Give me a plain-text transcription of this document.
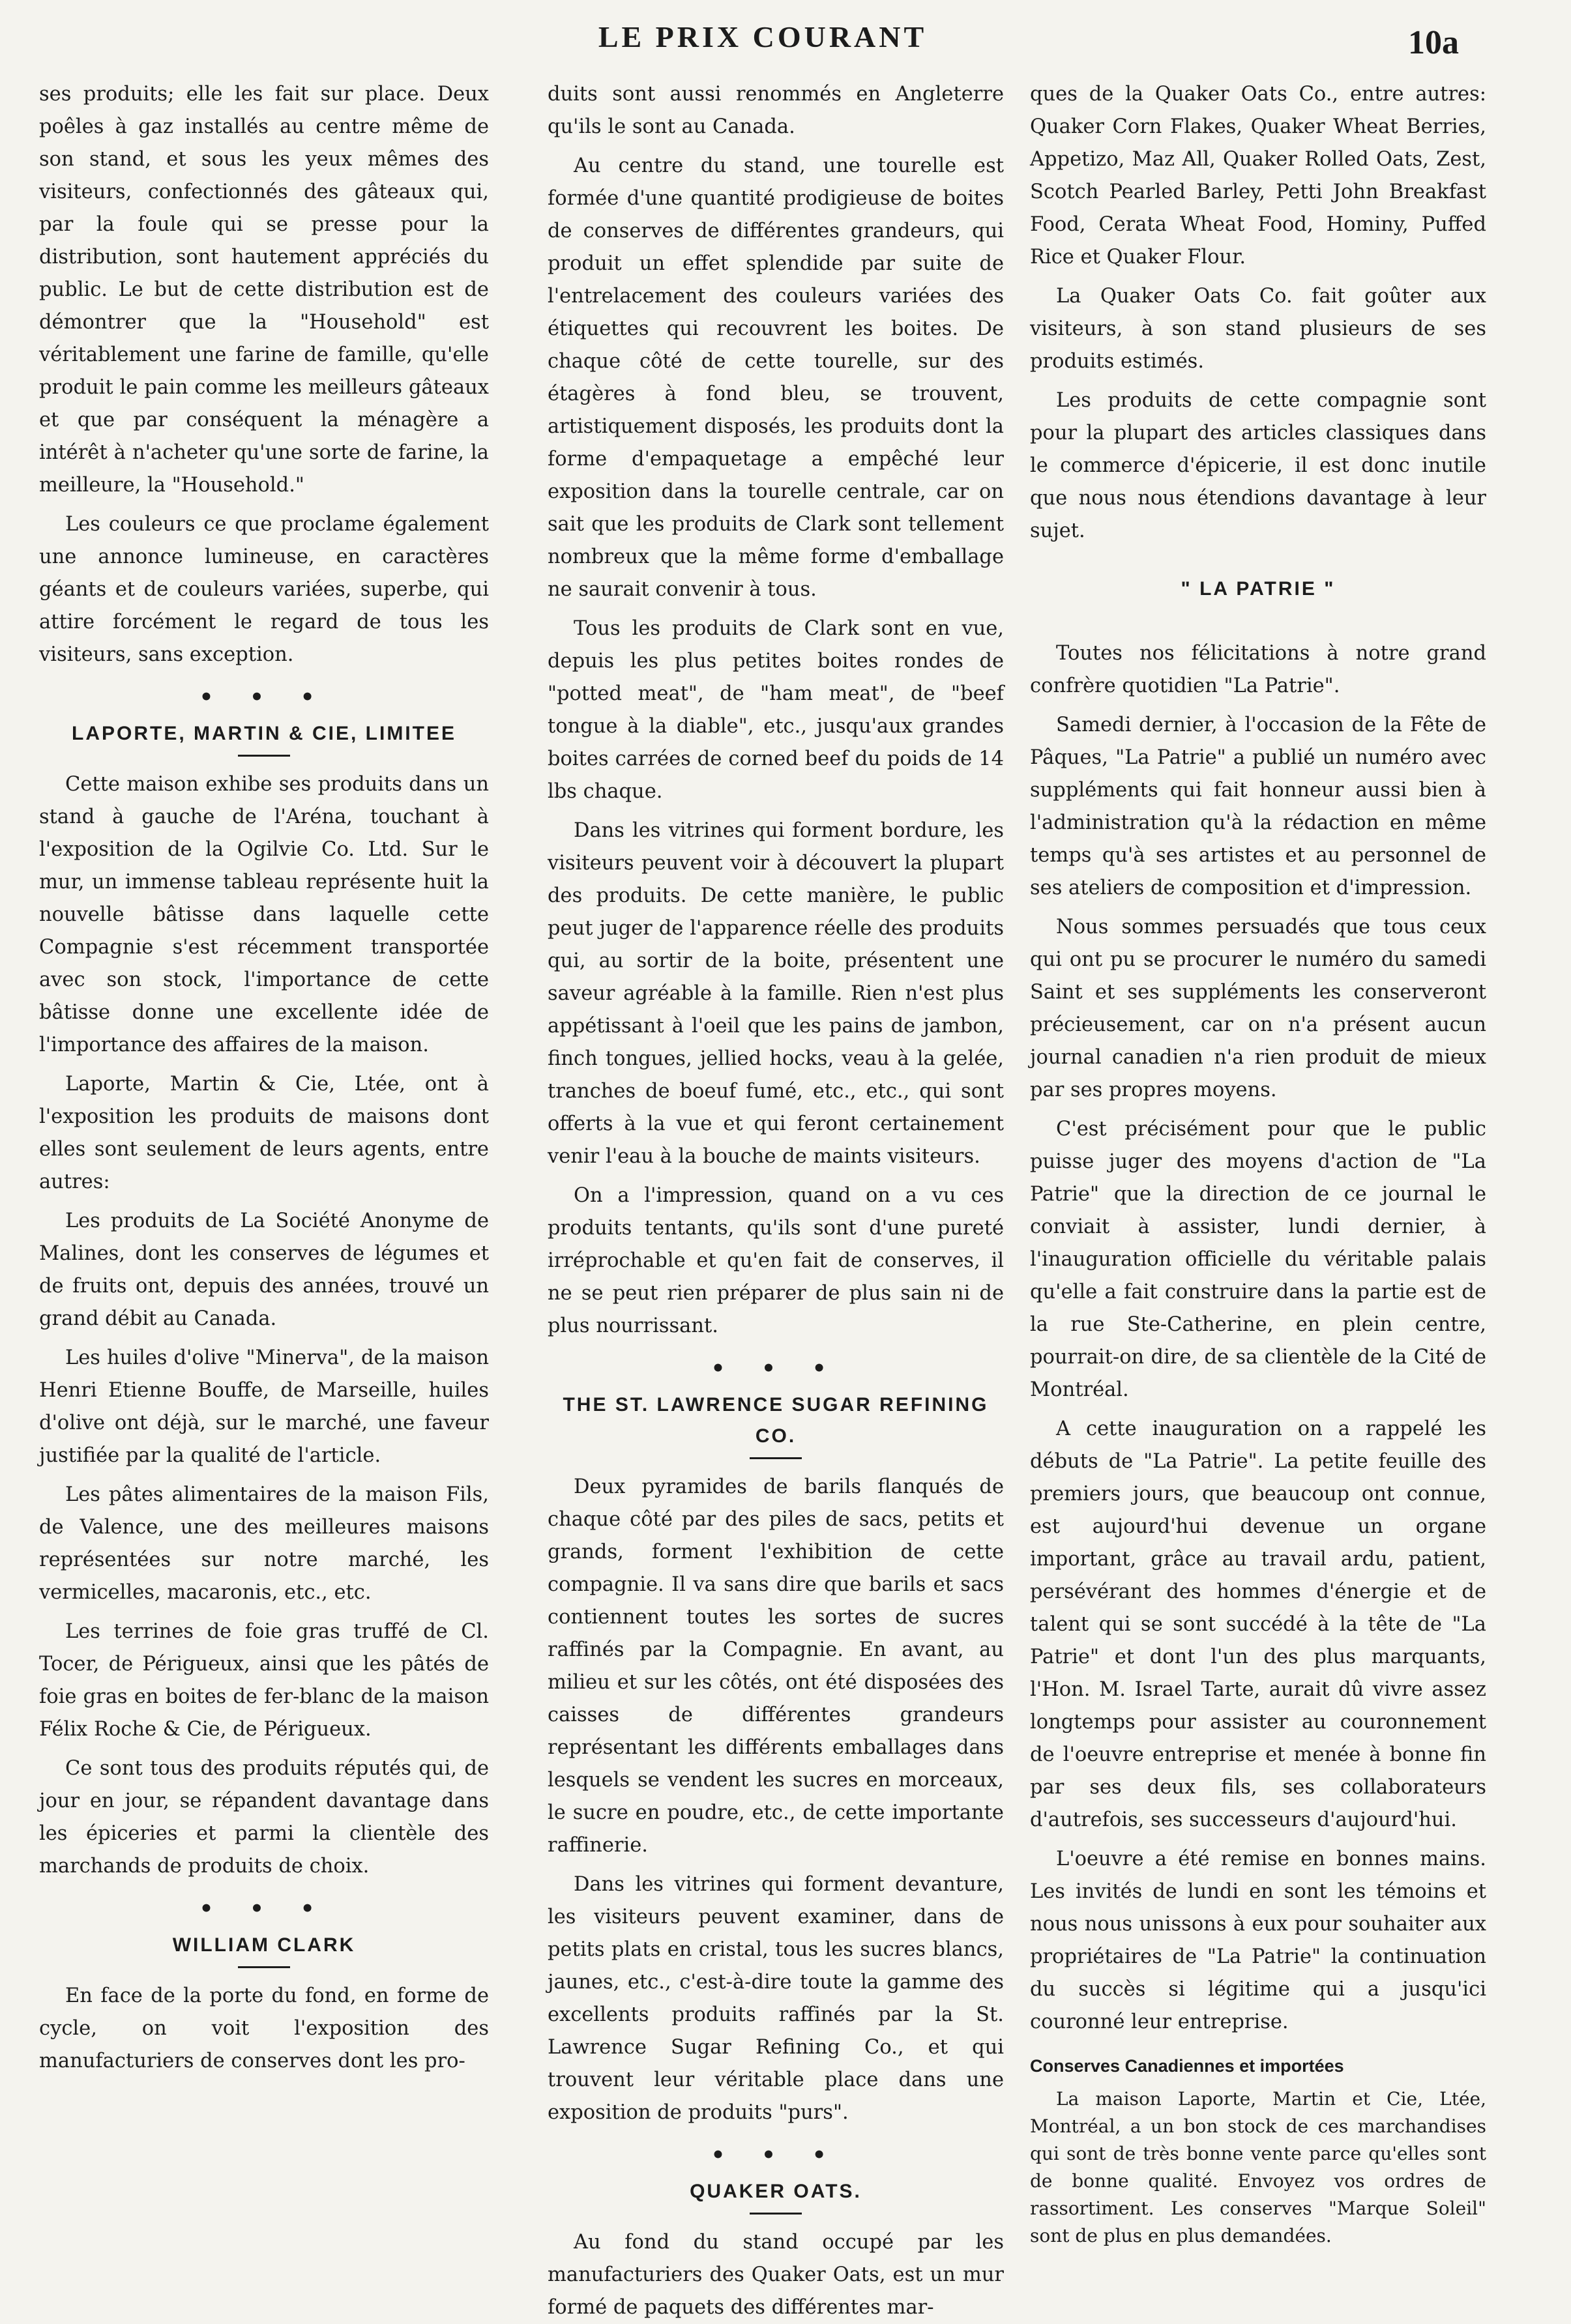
LE PRIX COURANT	10a

ses produits; elle les fait sur place. Deux poêles à gaz installés au centre même de son stand, et sous les yeux mêmes des visiteurs, confectionnés des gâteaux qui, par la foule qui se presse pour la distribution, sont hautement appréciés du public. Le but de cette distribution est de démontrer que la "Household" est véritablement une farine de famille, qu'elle produit le pain comme les meilleurs gâteaux et que par conséquent la ménagère a intérêt à n'acheter qu'une sorte de farine, la meilleure, la "Household."

Les couleurs ce que proclame également une annonce lumineuse, en caractères géants et de couleurs variées, superbe, qui attire forcément le regard de tous les visiteurs, sans exception.

• • •
LAPORTE, MARTIN & CIE, LIMITEE

Cette maison exhibe ses produits dans un stand à gauche de l'Aréna, touchant à l'exposition de la Ogilvie Co. Ltd. Sur le mur, un immense tableau représente huit la nouvelle bâtisse dans laquelle cette Compagnie s'est récemment transportée avec son stock, l'importance de cette bâtisse donne une excellente idée de l'importance des affaires de la maison.

Laporte, Martin & Cie, Ltée, ont à l'exposition les produits de maisons dont elles sont seulement de leurs agents, entre autres:

Les produits de La Société Anonyme de Malines, dont les conserves de légumes et de fruits ont, depuis des années, trouvé un grand débit au Canada.

Les huiles d'olive "Minerva", de la maison Henri Etienne Bouffe, de Marseille, huiles d'olive ont déjà, sur le marché, une faveur justifiée par la qualité de l'article.

Les pâtes alimentaires de la maison Fils, de Valence, une des meilleures maisons représentées sur notre marché, les vermicelles, macaronis, etc., etc.

Les terrines de foie gras truffé de Cl. Tocer, de Périgueux, ainsi que les pâtés de foie gras en boites de fer-blanc de la maison Félix Roche & Cie, de Périgueux.

Ce sont tous des produits réputés qui, de jour en jour, se répandent davantage dans les épiceries et parmi la clientèle des marchands de produits de choix.

• • •
WILLIAM CLARK

En face de la porte du fond, en forme de cycle, on voit l'exposition des manufacturiers de conserves dont les pro-

duits sont aussi renommés en Angleterre qu'ils le sont au Canada.

Au centre du stand, une tourelle est formée d'une quantité prodigieuse de boites de conserves de différentes grandeurs, qui produit un effet splendide par suite de l'entrelacement des couleurs variées des étiquettes qui recouvrent les boites. De chaque côté de cette tourelle, sur des étagères à fond bleu, se trouvent, artistiquement disposés, les produits dont la forme d'empaquetage a empêché leur exposition dans la tourelle centrale, car on sait que les produits de Clark sont tellement nombreux que la même forme d'emballage ne saurait convenir à tous.

Tous les produits de Clark sont en vue, depuis les plus petites boites rondes de "potted meat", de "ham meat", de "beef tongue à la diable", etc., jusqu'aux grandes boites carrées de corned beef du poids de 14 lbs chaque.

Dans les vitrines qui forment bordure, les visiteurs peuvent voir à découvert la plupart des produits. De cette manière, le public peut juger de l'apparence réelle des produits qui, au sortir de la boite, présentent une saveur agréable à la famille. Rien n'est plus appétissant à l'oeil que les pains de jambon, finch tongues, jellied hocks, veau à la gelée, tranches de boeuf fumé, etc., etc., qui sont offerts à la vue et qui feront certainement venir l'eau à la bouche de maints visiteurs.

On a l'impression, quand on a vu ces produits tentants, qu'ils sont d'une pureté irréprochable et qu'en fait de conserves, il ne se peut rien préparer de plus sain ni de plus nourrissant.

• • •
THE ST. LAWRENCE SUGAR REFINING CO.

Deux pyramides de barils flanqués de chaque côté par des piles de sacs, petits et grands, forment l'exhibition de cette compagnie. Il va sans dire que barils et sacs contiennent toutes les sortes de sucres raffinés par la Compagnie. En avant, au milieu et sur les côtés, ont été disposées des caisses de différentes grandeurs représentant les différents emballages dans lesquels se vendent les sucres en morceaux, le sucre en poudre, etc., de cette importante raffinerie.

Dans les vitrines qui forment devanture, les visiteurs peuvent examiner, dans de petits plats en cristal, tous les sucres blancs, jaunes, etc., c'est-à-dire toute la gamme des excellents produits raffinés par la St. Lawrence Sugar Refining Co., et qui trouvent leur véritable place dans une exposition de produits "purs".

• • •
QUAKER OATS.

Au fond du stand occupé par les manufacturiers des Quaker Oats, est un mur formé de paquets des différentes mar-

ques de la Quaker Oats Co., entre autres: Quaker Corn Flakes, Quaker Wheat Berries, Appetizo, Maz All, Quaker Rolled Oats, Zest, Scotch Pearled Barley, Petti John Breakfast Food, Cerata Wheat Food, Hominy, Puffed Rice et Quaker Flour.

La Quaker Oats Co. fait goûter aux visiteurs, à son stand plusieurs de ses produits estimés.

Les produits de cette compagnie sont pour la plupart des articles classiques dans le commerce d'épicerie, il est donc inutile que nous nous étendions davantage à leur sujet.

" LA PATRIE "

Toutes nos félicitations à notre grand confrère quotidien "La Patrie".

Samedi dernier, à l'occasion de la Fête de Pâques, "La Patrie" a publié un numéro avec suppléments qui fait honneur aussi bien à l'administration qu'à la rédaction en même temps qu'à ses artistes et au personnel de ses ateliers de composition et d'impression.

Nous sommes persuadés que tous ceux qui ont pu se procurer le numéro du samedi Saint et ses suppléments les conserveront précieusement, car on n'a présent aucun journal canadien n'a rien produit de mieux par ses propres moyens.

C'est précisément pour que le public puisse juger des moyens d'action de "La Patrie" que la direction de ce journal le conviait à assister, lundi dernier, à l'inauguration officielle du véritable palais qu'elle a fait construire dans la partie est de la rue Ste-Catherine, en plein centre, pourrait-on dire, de sa clientèle de la Cité de Montréal.

A cette inauguration on a rappelé les débuts de "La Patrie". La petite feuille des premiers jours, que beaucoup ont connue, est aujourd'hui devenue un organe important, grâce au travail ardu, patient, persévérant des hommes d'énergie et de talent qui se sont succédé à la tête de "La Patrie" et dont l'un des plus marquants, l'Hon. M. Israel Tarte, aurait dû vivre assez longtemps pour assister au couronnement de l'oeuvre entreprise et menée à bonne fin par ses deux fils, ses collaborateurs d'autrefois, ses successeurs d'aujourd'hui.

L'oeuvre a été remise en bonnes mains. Les invités de lundi en sont les témoins et nous nous unissons à eux pour souhaiter aux propriétaires de "La Patrie" la continuation du succès si légitime qui a jusqu'ici couronné leur entreprise.

Conserves Canadiennes et importées

La maison Laporte, Martin et Cie, Ltée, Montréal, a un bon stock de ces marchandises qui sont de très bonne vente parce qu'elles sont de bonne qualité. Envoyez vos ordres de rassortiment. Les conserves "Marque Soleil" sont de plus en plus demandées.
